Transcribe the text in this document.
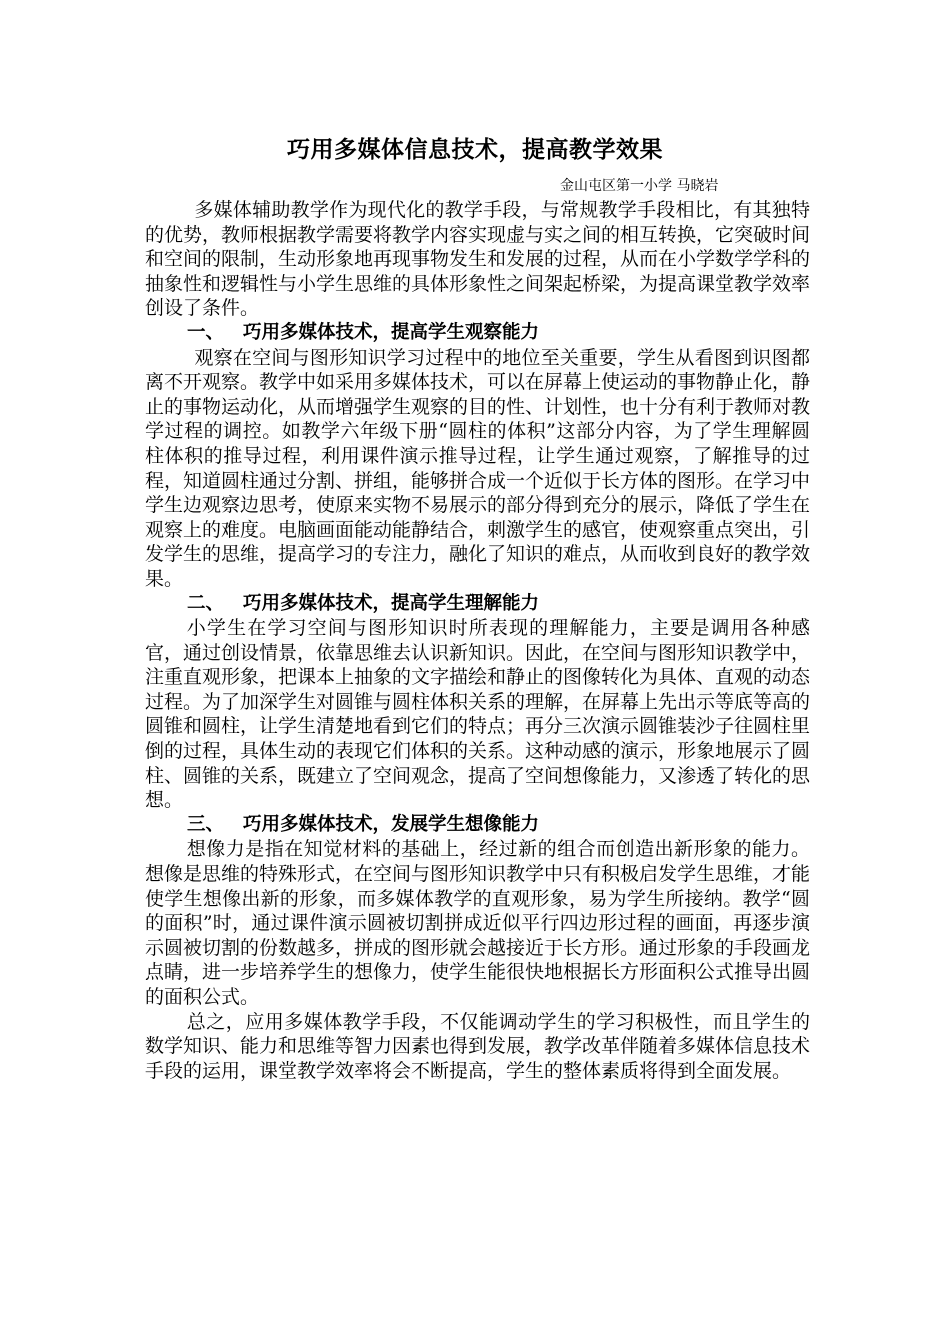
巧用多媒体信息技术，提高教学效果
金山屯区第一小学 马晓岩

多媒体辅助教学作为现代化的教学手段，与常规教学手段相比，有其独特的优势，教师根据教学需要将教学内容实现虚与实之间的相互转换，它突破时间和空间的限制，生动形象地再现事物发生和发展的过程，从而在小学数学学科的抽象性和逻辑性与小学生思维的具体形象性之间架起桥梁，为提高课堂教学效率创设了条件。

一、 巧用多媒体技术，提高学生观察能力

观察在空间与图形知识学习过程中的地位至关重要，学生从看图到识图都离不开观察。教学中如采用多媒体技术，可以在屏幕上使运动的事物静止化，静止的事物运动化，从而增强学生观察的目的性、计划性，也十分有利于教师对教学过程的调控。如教学六年级下册“圆柱的体积”这部分内容，为了学生理解圆柱体积的推导过程，利用课件演示推导过程，让学生通过观察，了解推导的过程，知道圆柱通过分割、拼组，能够拼合成一个近似于长方体的图形。在学习中学生边观察边思考，使原来实物不易展示的部分得到充分的展示，降低了学生在观察上的难度。电脑画面能动能静结合，刺激学生的感官，使观察重点突出，引发学生的思维，提高学习的专注力，融化了知识的难点，从而收到良好的教学效果。

二、 巧用多媒体技术，提高学生理解能力

小学生在学习空间与图形知识时所表现的理解能力，主要是调用各种感官，通过创设情景，依靠思维去认识新知识。因此，在空间与图形知识教学中，注重直观形象，把课本上抽象的文字描绘和静止的图像转化为具体、直观的动态过程。为了加深学生对圆锥与圆柱体积关系的理解，在屏幕上先出示等底等高的圆锥和圆柱，让学生清楚地看到它们的特点；再分三次演示圆锥装沙子往圆柱里倒的过程，具体生动的表现它们体积的关系。这种动感的演示，形象地展示了圆柱、圆锥的关系，既建立了空间观念，提高了空间想像能力，又渗透了转化的思想。

三、 巧用多媒体技术，发展学生想像能力

想像力是指在知觉材料的基础上，经过新的组合而创造出新形象的能力。想像是思维的特殊形式，在空间与图形知识教学中只有积极启发学生思维，才能使学生想像出新的形象，而多媒体教学的直观形象，易为学生所接纳。教学“圆的面积”时，通过课件演示圆被切割拼成近似平行四边形过程的画面，再逐步演示圆被切割的份数越多，拼成的图形就会越接近于长方形。通过形象的手段画龙点睛，进一步培养学生的想像力，使学生能很快地根据长方形面积公式推导出圆的面积公式。

总之，应用多媒体教学手段，不仅能调动学生的学习积极性，而且学生的数学知识、能力和思维等智力因素也得到发展，教学改革伴随着多媒体信息技术手段的运用，课堂教学效率将会不断提高，学生的整体素质将得到全面发展。
